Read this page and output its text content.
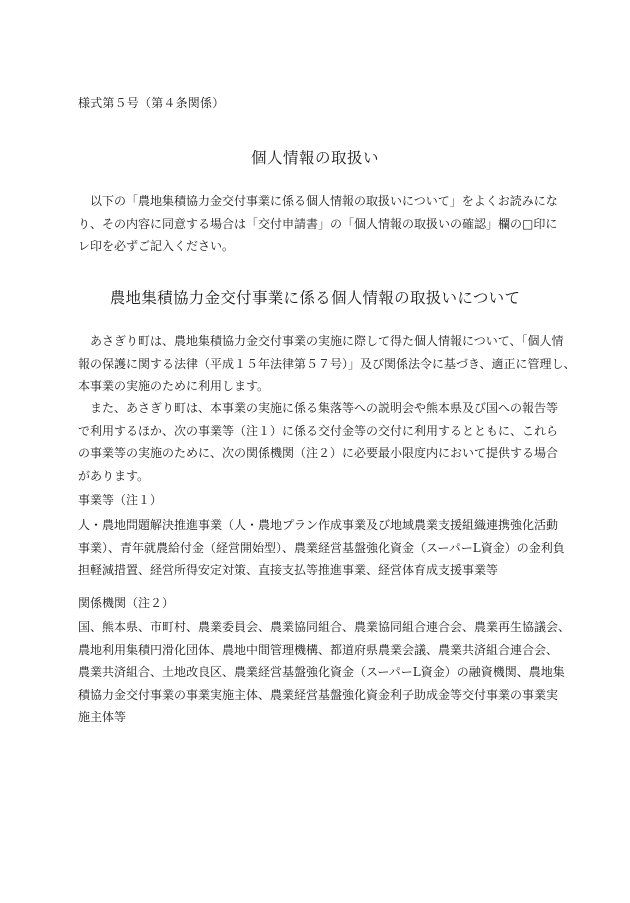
様式第５号（第４条関係）
個人情報の取扱い
以下の「農地集積協力金交付事業に係る個人情報の取扱いについて」をよくお読みにな
り、その内容に同意する場合は「交付申請書」の「個人情報の取扱いの確認」欄の□印に
レ印を必ずご記入ください。
農地集積協力金交付事業に係る個人情報の取扱いについて
あさぎり町は、農地集積協力金交付事業の実施に際して得た個人情報について、「個人情
報の保護に関する法律（平成１５年法律第５７号）」及び関係法令に基づき、適正に管理し、
本事業の実施のために利用します。
また、あさぎり町は、本事業の実施に係る集落等への説明会や熊本県及び国への報告等
で利用するほか、次の事業等（注１）に係る交付金等の交付に利用するとともに、これら
の事業等の実施のために、次の関係機関（注２）に必要最小限度内において提供する場合
があります。
事業等（注１）
人・農地問題解決推進事業（人・農地プラン作成事業及び地域農業支援組織連携強化活動
事業）、青年就農給付金（経営開始型）、農業経営基盤強化資金（スーパーL資金）の金利負
担軽減措置、経営所得安定対策、直接支払等推進事業、経営体育成支援事業等
関係機関（注２）
国、熊本県、市町村、農業委員会、農業協同組合、農業協同組合連合会、農業再生協議会、
農地利用集積円滑化団体、農地中間管理機構、都道府県農業会議、農業共済組合連合会、
農業共済組合、土地改良区、農業経営基盤強化資金（スーパーL資金）の融資機関、農地集
積協力金交付事業の事業実施主体、農業経営基盤強化資金利子助成金等交付事業の事業実
施主体等
